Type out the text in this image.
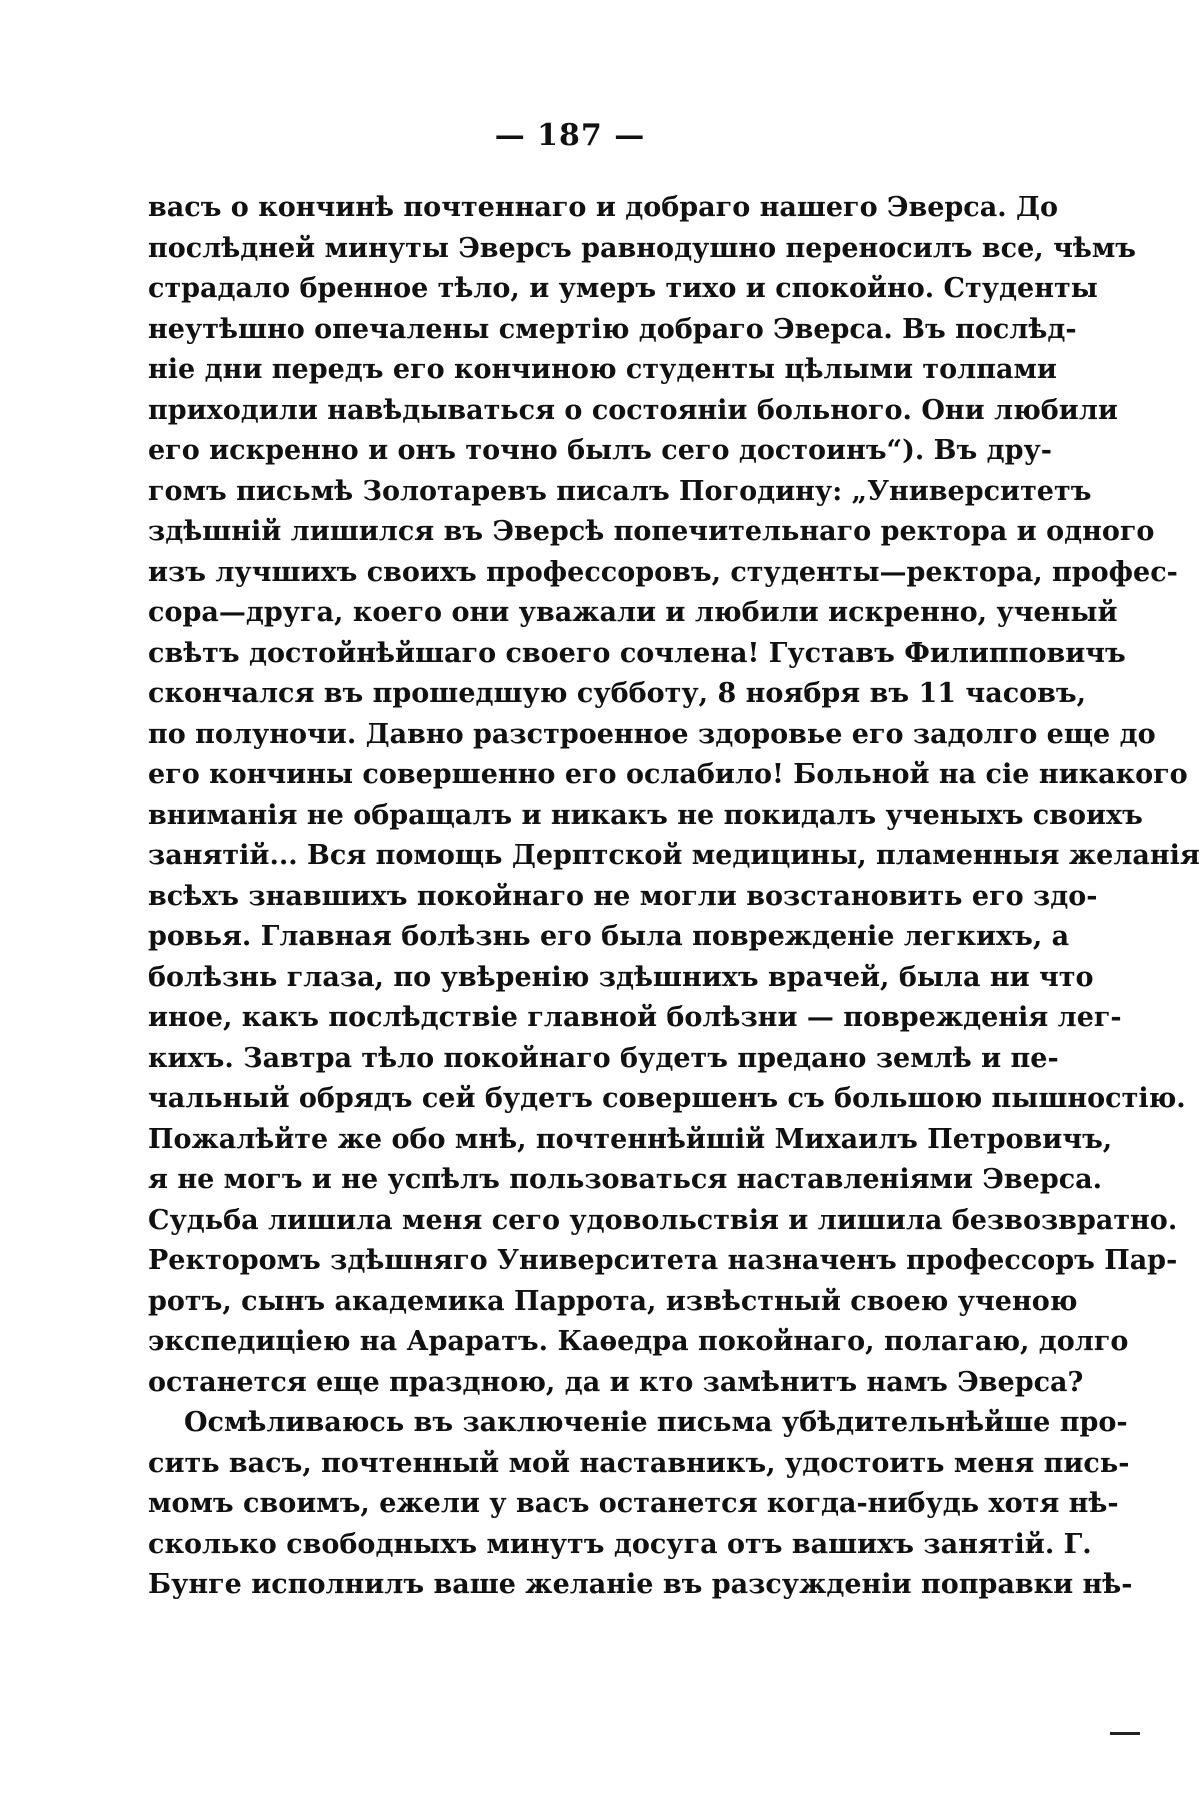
— 187 —
васъ о кончинѣ почтеннаго и добраго нашего Эверса. До
послѣдней минуты Эверсъ равнодушно переносилъ все, чѣмъ
страдало бренное тѣло, и умеръ тихо и спокойно. Студенты
неутѣшно опечалены смертію добраго Эверса. Въ послѣд-
ніе дни передъ его кончиною студенты цѣлыми толпами
приходили навѣдываться о состояніи больного. Они любили
его искренно и онъ точно былъ сего достоинъ“). Въ дру-
гомъ письмѣ Золотаревъ писалъ Погодину: „Университетъ
здѣшній лишился въ Эверсѣ попечительнаго ректора и одного
изъ лучшихъ своихъ профессоровъ, студенты—ректора, профес-
сора—друга, коего они уважали и любили искренно, ученый
свѣтъ достойнѣйшаго своего сочлена! Густавъ Филипповичъ
скончался въ прошедшую субботу, 8 ноября въ 11 часовъ,
по полуночи. Давно разстроенное здоровье его задолго еще до
его кончины совершенно его ослабило! Больной на сіе никакого
вниманія не обращалъ и никакъ не покидалъ ученыхъ своихъ
занятій... Вся помощь Дерптской медицины, пламенныя желанія
всѣхъ знавшихъ покойнаго не могли возстановить его здо-
ровья. Главная болѣзнь его была поврежденіе легкихъ, а
болѣзнь глаза, по увѣренію здѣшнихъ врачей, была ни что
иное, какъ послѣдствіе главной болѣзни — поврежденія лег-
кихъ. Завтра тѣло покойнаго будетъ предано землѣ и пе-
чальный обрядъ сей будетъ совершенъ съ большою пышностію.
Пожалѣйте же обо мнѣ, почтеннѣйшій Михаилъ Петровичъ,
я не могъ и не успѣлъ пользоваться наставленіями Эверса.
Судьба лишила меня сего удовольствія и лишила безвозвратно.
Ректоромъ здѣшняго Университета назначенъ профессоръ Пар-
ротъ, сынъ академика Паррота, извѣстный своею ученою
экспедиціею на Араратъ. Каѳедра покойнаго, полагаю, долго
останется еще праздною, да и кто замѣнитъ намъ Эверса?
Осмѣливаюсь въ заключеніе письма убѣдительнѣйше про-
сить васъ, почтенный мой наставникъ, удостоить меня пись-
момъ своимъ, ежели у васъ останется когда-нибудь хотя нѣ-
сколько свободныхъ минутъ досуга отъ вашихъ занятій. Г.
Бунге исполнилъ ваше желаніе въ разсужденіи поправки нѣ-
